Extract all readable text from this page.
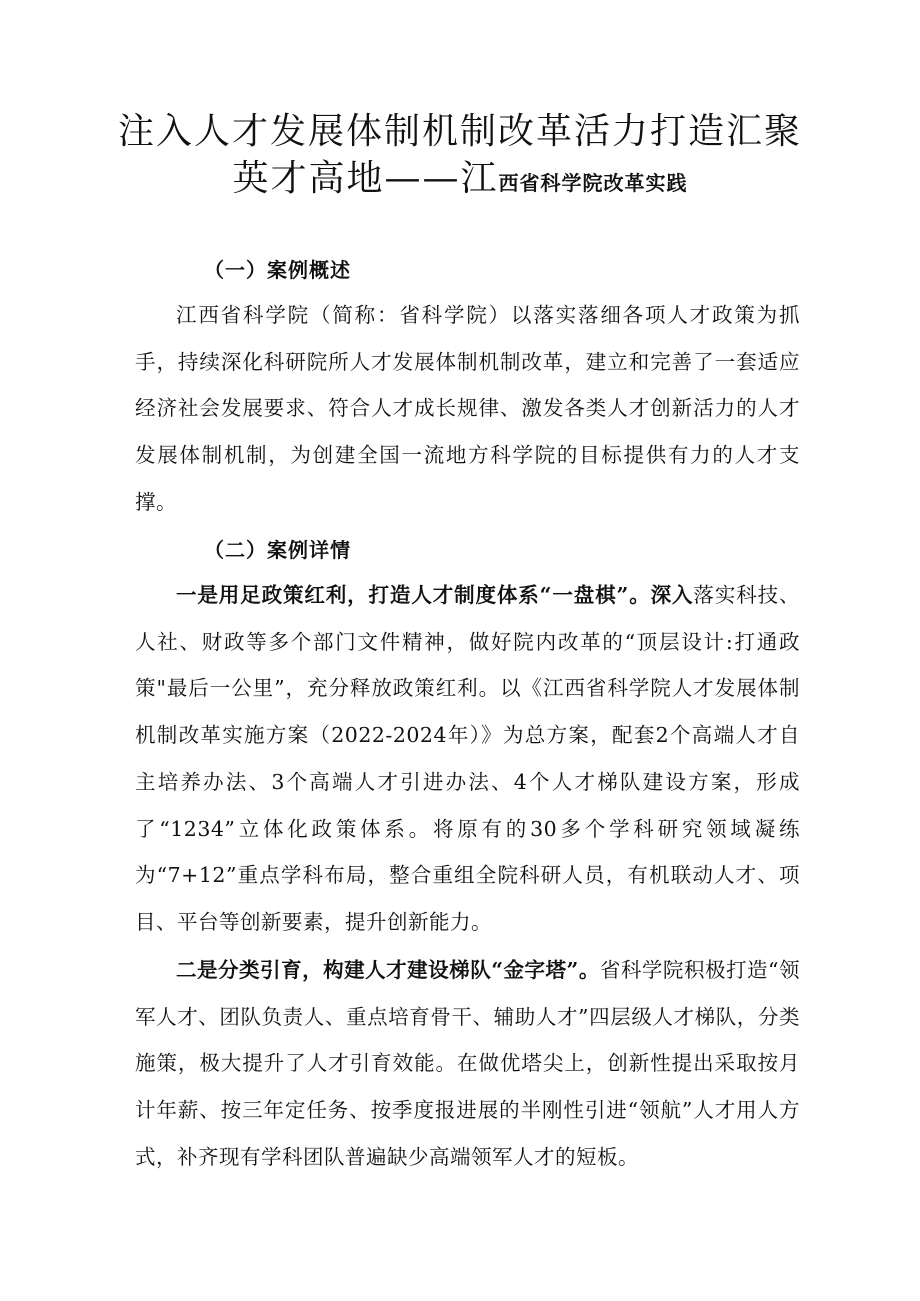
注入人才发展体制机制改革活力打造汇聚
英才高地——江西省科学院改革实践
（一）案例概述
江西省科学院（简称：省科学院）以落实落细各项人才政策为抓手，持续深化科研院所人才发展体制机制改革，建立和完善了一套适应经济社会发展要求、符合人才成长规律、激发各类人才创新活力的人才发展体制机制，为创建全国一流地方科学院的目标提供有力的人才支撑。
（二）案例详情
一是用足政策红利，打造人才制度体系“一盘棋”。深入落实科技、人社、财政等多个部门文件精神，做好院内改革的“顶层设计:打通政策"最后一公里”，充分释放政策红利。以《江西省科学院人才发展体制机制改革实施方案（2022-2024年）》为总方案，配套2个高端人才自主培养办法、3个高端人才引进办法、4个人才梯队建设方案，形成了“1234”立体化政策体系。将原有的30多个学科研究领域凝练为“7+12”重点学科布局，整合重组全院科研人员，有机联动人才、项目、平台等创新要素，提升创新能力。
二是分类引育，构建人才建设梯队“金字塔”。省科学院积极打造“领军人才、团队负责人、重点培育骨干、辅助人才”四层级人才梯队，分类施策，极大提升了人才引育效能。在做优塔尖上，创新性提出采取按月计年薪、按三年定任务、按季度报进展的半刚性引进“领航”人才用人方式，补齐现有学科团队普遍缺少高端领军人才的短板。
